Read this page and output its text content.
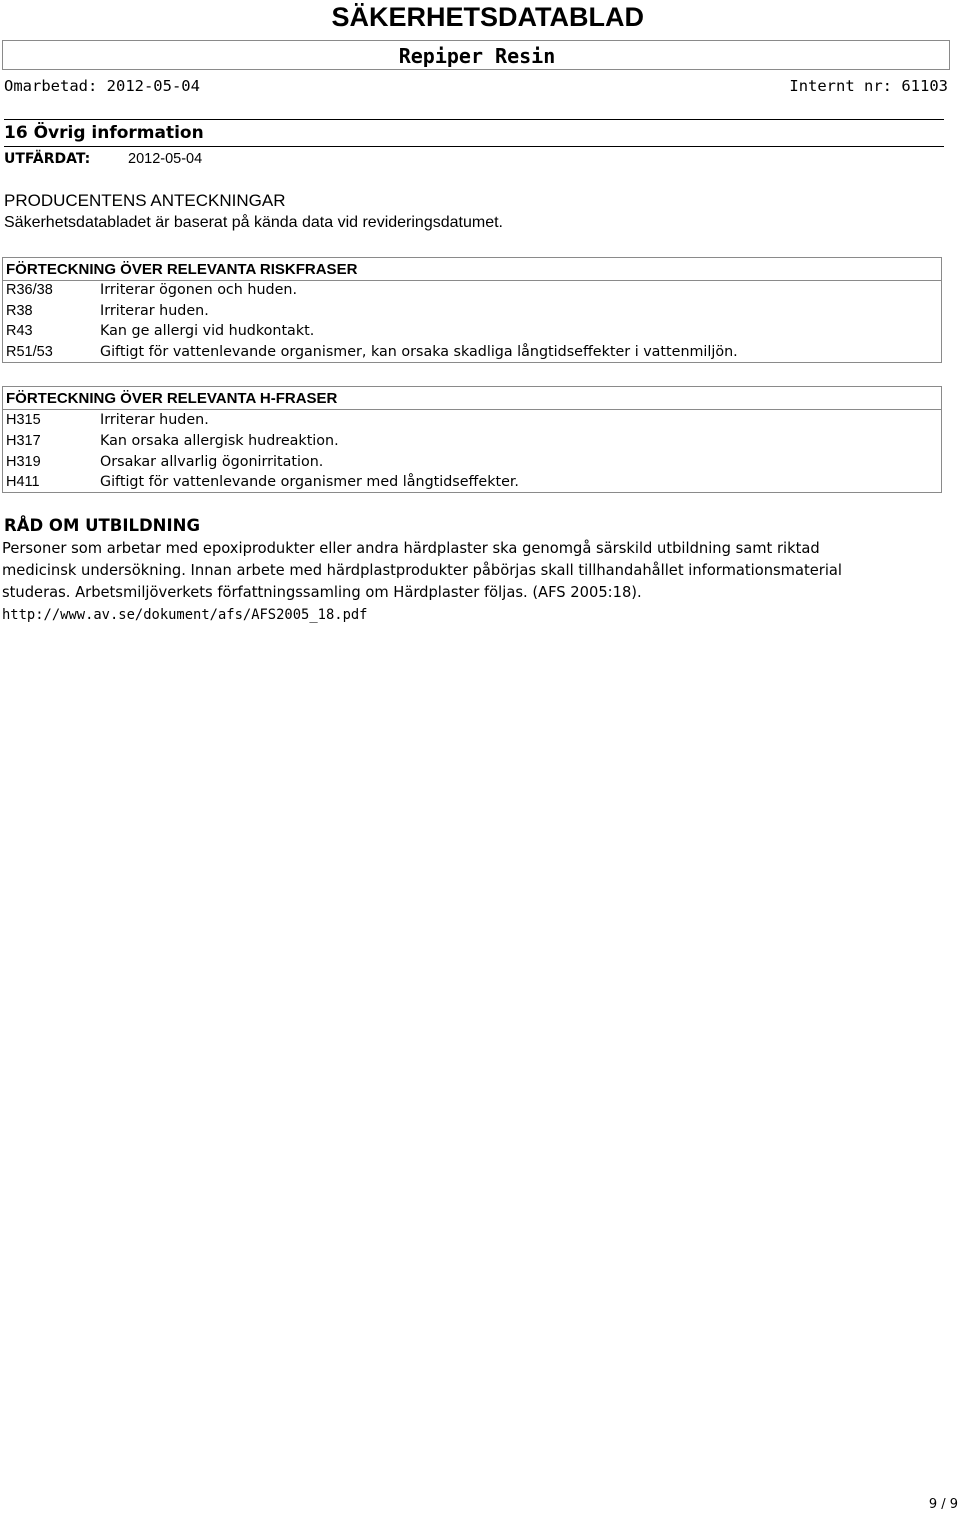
SÄKERHETSDATABLAD
Repiper Resin
Omarbetad: 2012-05-04	Internt nr: 61103
16 Övrig information
UTFÄRDAT:	2012-05-04
PRODUCENTENS ANTECKNINGAR
Säkerhetsdatabladet är baserat på kända data vid revideringsdatumet.
FÖRTECKNING ÖVER RELEVANTA RISKFRASER
R36/38	Irriterar ögonen och huden.
R38	Irriterar huden.
R43	Kan ge allergi vid hudkontakt.
R51/53	Giftigt för vattenlevande organismer, kan orsaka skadliga långtidseffekter i vattenmiljön.
FÖRTECKNING ÖVER RELEVANTA H-FRASER
H315	Irriterar huden.
H317	Kan orsaka allergisk hudreaktion.
H319	Orsakar allvarlig ögonirritation.
H411	Giftigt för vattenlevande organismer med långtidseffekter.
RÅD OM UTBILDNING
Personer som arbetar med epoxiprodukter eller andra härdplaster ska genomgå särskild utbildning samt riktad
medicinsk undersökning. Innan arbete med härdplastprodukter påbörjas skall tillhandahållet informationsmaterial
studeras. Arbetsmiljöverkets författningssamling om Härdplaster följas. (AFS 2005:18).
http://www.av.se/dokument/afs/AFS2005_18.pdf
9 / 9
